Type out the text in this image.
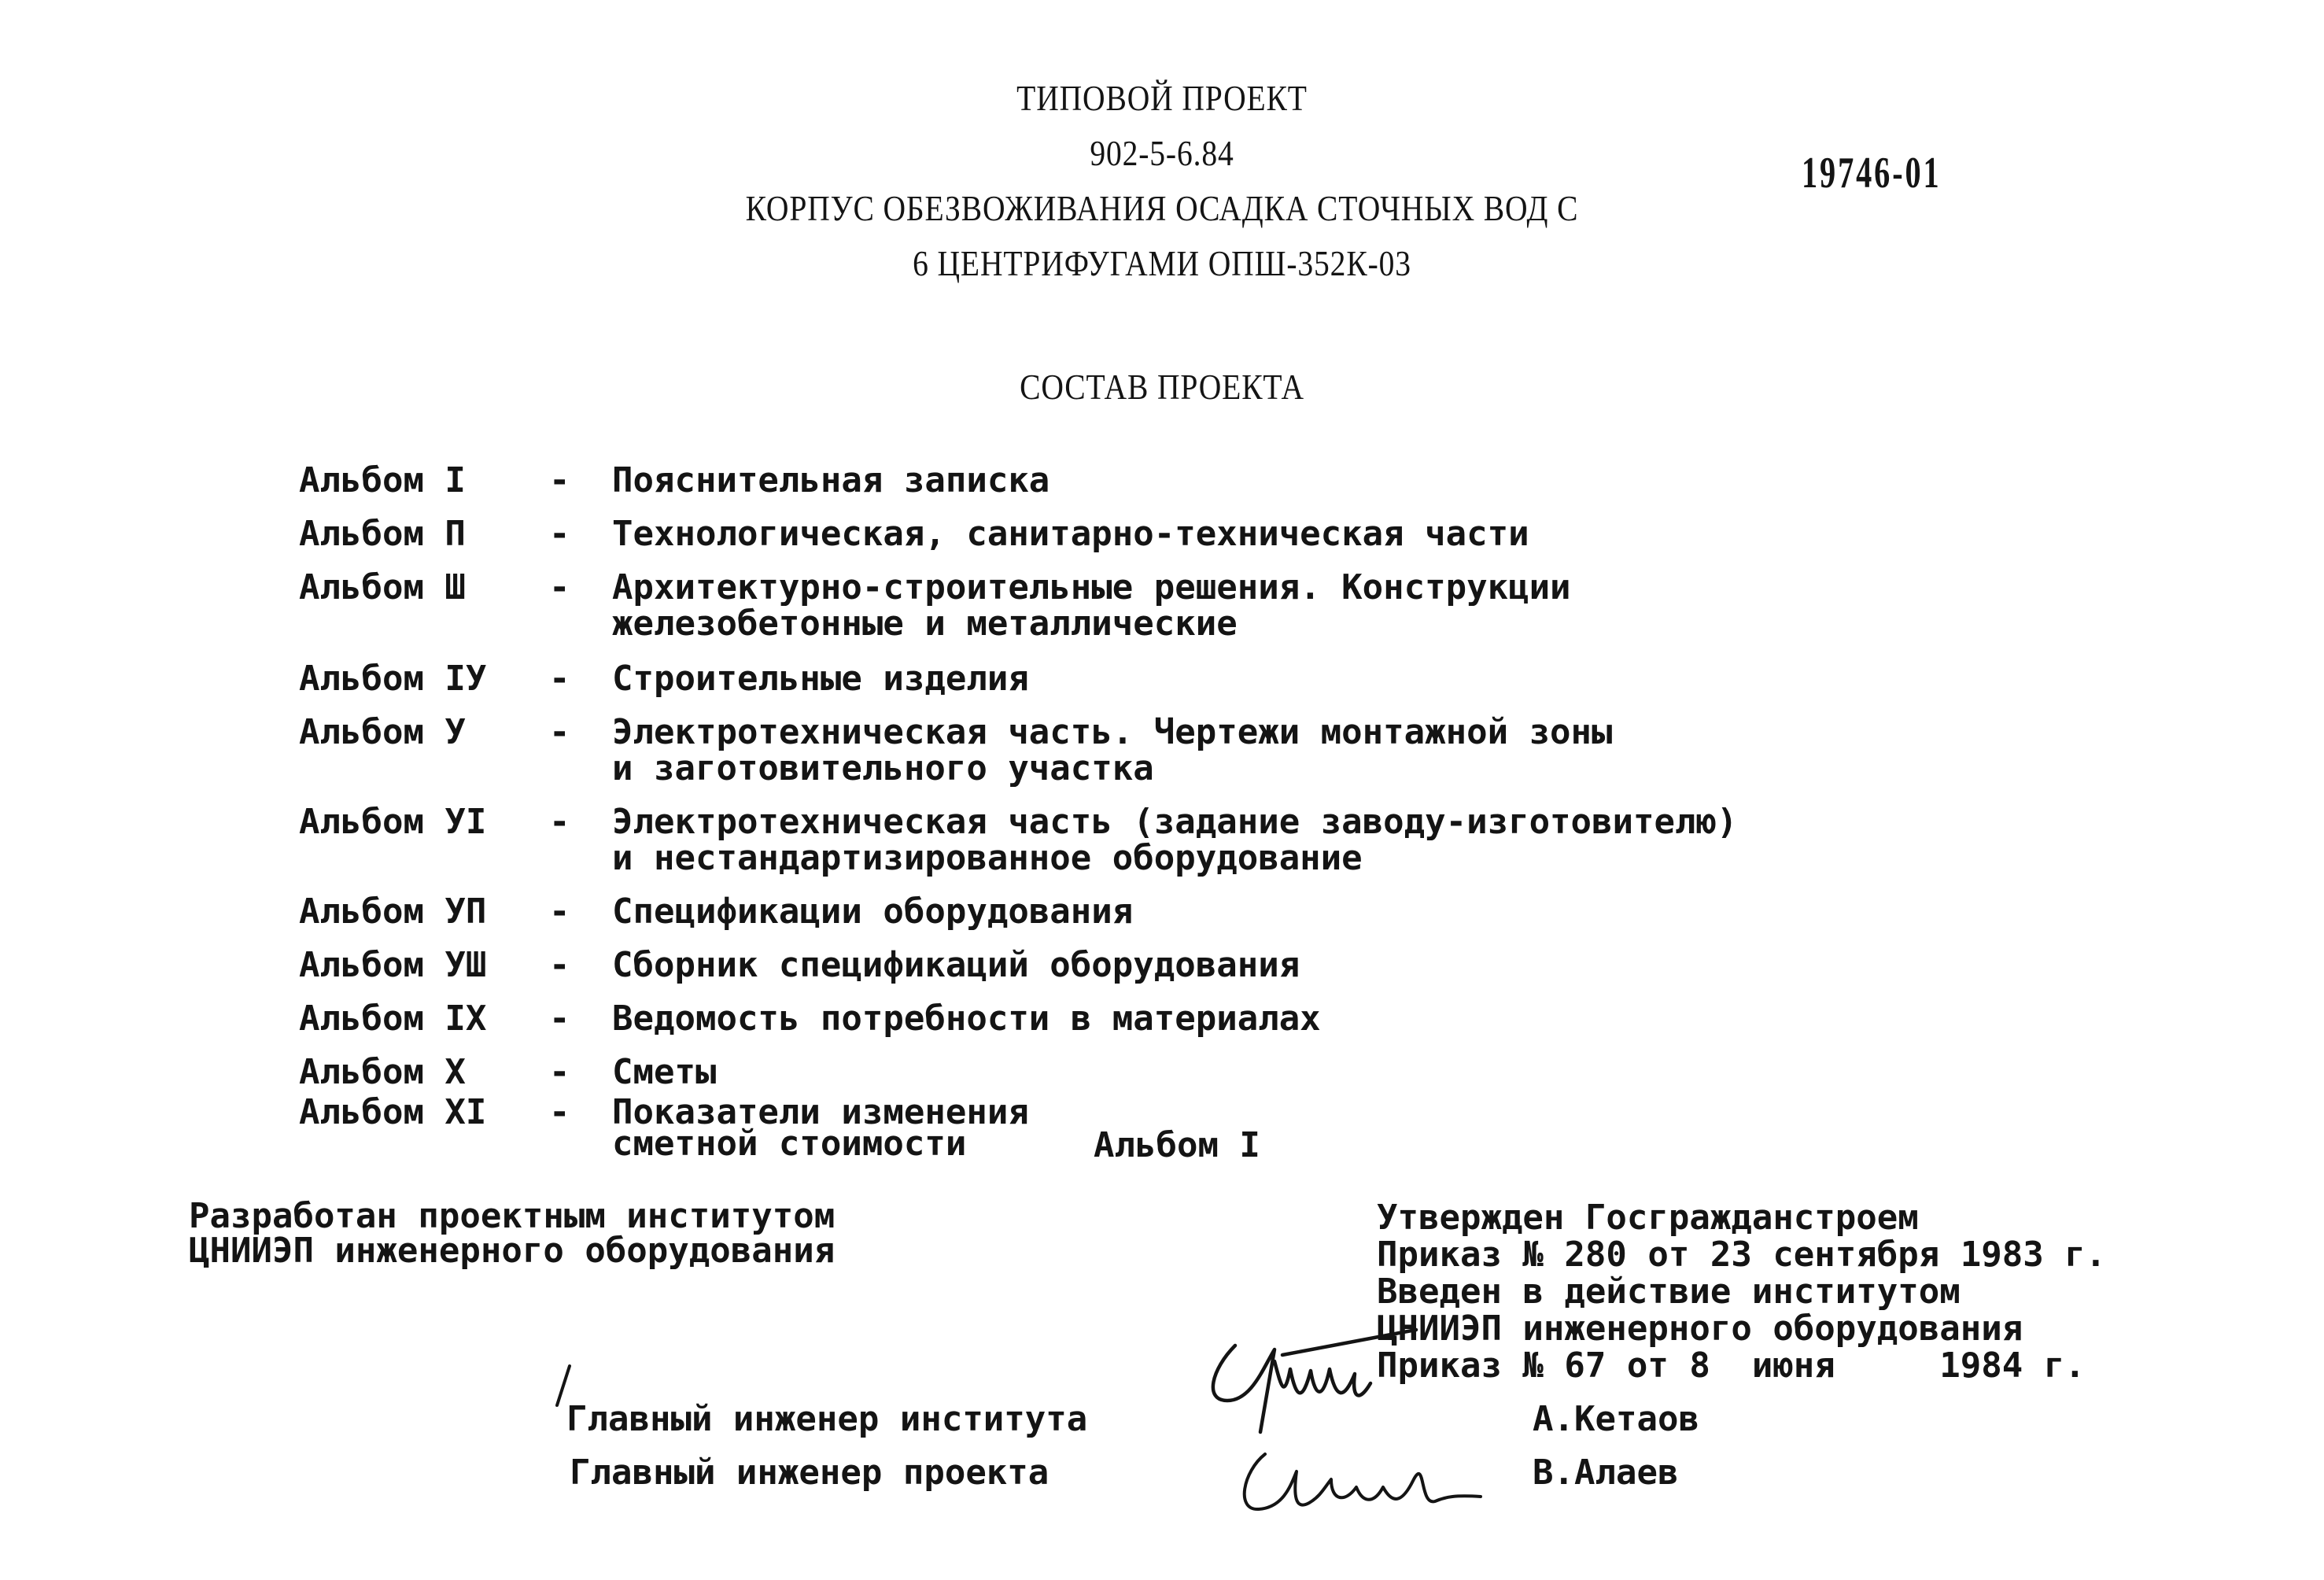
ТИПОВОЙ ПРОЕКТ
902-5-6.84
КОРПУС ОБЕЗВОЖИВАНИЯ ОСАДКА СТОЧНЫХ ВОД С
6 ЦЕНТРИФУГАМИ ОПШ-352К-03
19746-01
СОСТАВ ПРОЕКТА
Альбом I - Пояснительная записка
Альбом П - Технологическая, санитарно-техническая части
Альбом Ш - Архитектурно-строительные решения. Конструкции
железобетонные и металлические
Альбом IУ - Строительные изделия
Альбом У - Электротехническая часть. Чертежи монтажной зоны
и заготовительного участка
Альбом УI - Электротехническая часть (задание заводу-изготовителю)
и нестандартизированное оборудование
Альбом УП - Спецификации оборудования
Альбом УШ - Сборник спецификаций оборудования
Альбом IX - Ведомость потребности в материалах
Альбом X - Сметы
Альбом XI - Показатели изменения
сметной стоимости	Альбом I
Разработан проектным институтом
ЦНИИЭП инженерного оборудования
Утвержден Госгражданстроем
Приказ № 280 от 23 сентября 1983 г.
Введен в действие институтом
ЦНИИЭП инженерного оборудования
Приказ № 67 от 8  июня     1984 г.
Главный инженер института	А.Кетаов
Главный инженер проекта	В.Алаев
